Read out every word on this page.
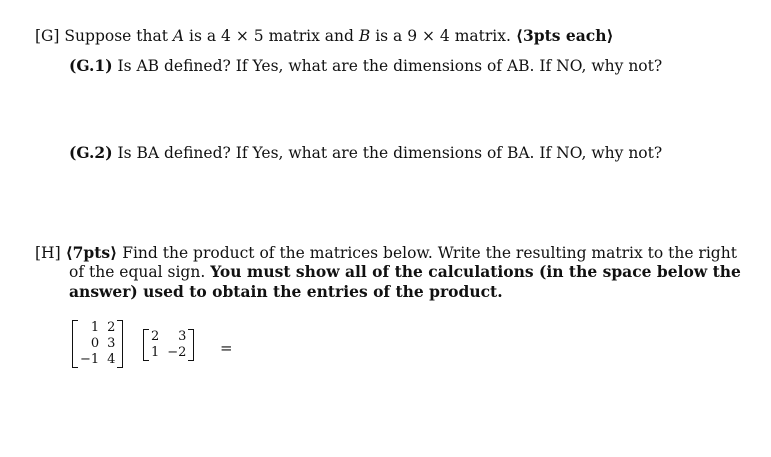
[G] Suppose that A is a 4 × 5 matrix and B is a 9 × 4 matrix. ⟨3pts each⟩
(G.1) Is AB defined? If Yes, what are the dimensions of AB. If NO, why not?
(G.2) Is BA defined? If Yes, what are the dimensions of BA. If NO, why not?
[H] ⟨7pts⟩ Find the product of the matrices below. Write the resulting matrix to the right
of the equal sign. You must show all of the calculations (in the space below the
answer) used to obtain the entries of the product.
1 2
0 3
−1 4
2	3
1 −2 =
